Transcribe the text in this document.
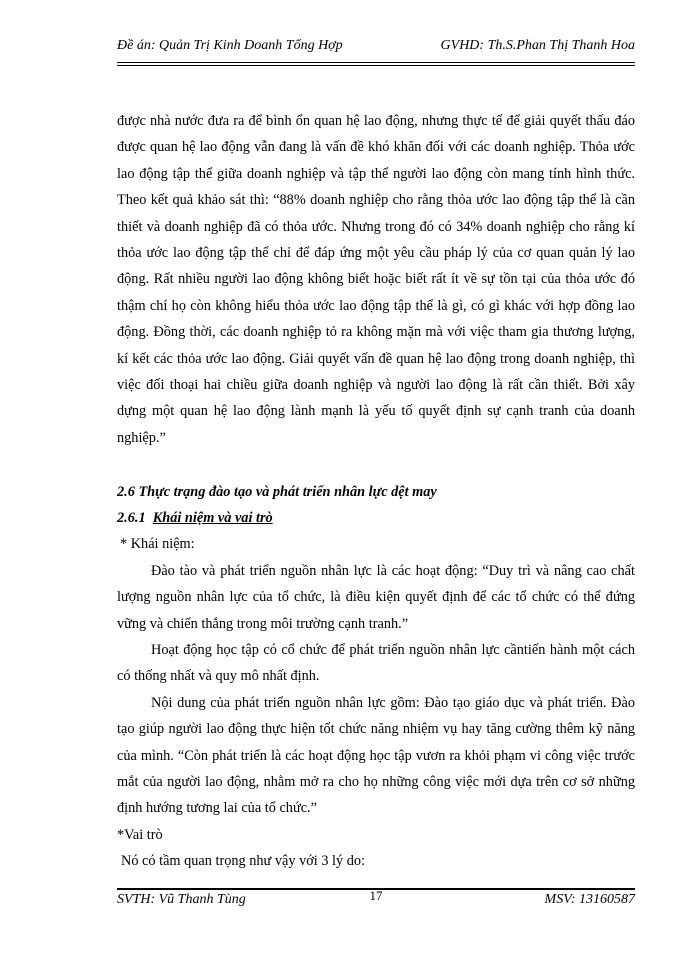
Đề án: Quản Trị Kinh Doanh Tổng Hợp	GVHD: Th.S.Phan Thị Thanh Hoa

được nhà nước đưa ra để bình ổn quan hệ lao động, nhưng thực tế để giải quyết thấu đáo được quan hệ lao động vẫn đang là vấn đề khó khăn đối với các doanh nghiệp. Thỏa ước lao động tập thể giữa doanh nghiệp và tập thể người lao động còn mang tính hình thức. Theo kết quả khảo sát thì: “88% doanh nghiệp cho rằng thỏa ước lao động tập thể là cần thiết và doanh nghiệp đã có thỏa ước. Nhưng trong đó có 34% doanh nghiệp cho rằng kí thỏa ước lao động tập thể chỉ để đáp ứng một yêu cầu pháp lý của cơ quan quản lý lao động. Rất nhiều người lao động không biết hoặc biết rất ít về sự tồn tại của thỏa ước đó thậm chí họ còn không hiểu thỏa ước lao động tập thể là gì, có gì khác với hợp đồng lao động. Đồng thời, các doanh nghiệp tỏ ra không mặn mà với việc tham gia thương lượng, kí kết các thỏa ước lao động. Giải quyết vấn đề quan hệ lao động trong doanh nghiệp, thì việc đối thoại hai chiều giữa doanh nghiệp và người lao động là rất cần thiết. Bởi xây dựng một quan hệ lao động lành mạnh là yếu tố quyết định sự cạnh tranh của doanh nghiệp.”

2.6 Thực trạng đào tạo và phát triển nhân lực dệt may

2.6.1 Khái niệm và vai trò

* Khái niệm:

Đào tào và phát triển nguồn nhân lực là các hoạt động: “Duy trì và nâng cao chất lượng nguồn nhân lực của tổ chức, là điều kiện quyết định để các tổ chức có thể đứng vững và chiến thắng trong môi trường cạnh tranh.”

Hoạt động học tập có cổ chức để phát triển nguồn nhân lực cầntiến hành một cách có thống nhất và quy mô nhất định.

Nội dung của phát triển nguồn nhân lực gồm: Đào tạo giáo dục và phát triển. Đào tạo giúp người lao động thực hiện tốt chức năng nhiệm vụ hay tăng cường thêm kỹ năng của mình. “Còn phát triển là các hoạt động học tập vươn ra khỏi phạm vi công việc trước mắt của người lao động, nhằm mở ra cho họ những công việc mới dựa trên cơ sở những định hướng tương lai của tổ chức.”

*Vai trò

Nó có tầm quan trọng như vậy với 3 lý do:

SVTH: Vũ Thanh Tùng	17	MSV: 13160587
